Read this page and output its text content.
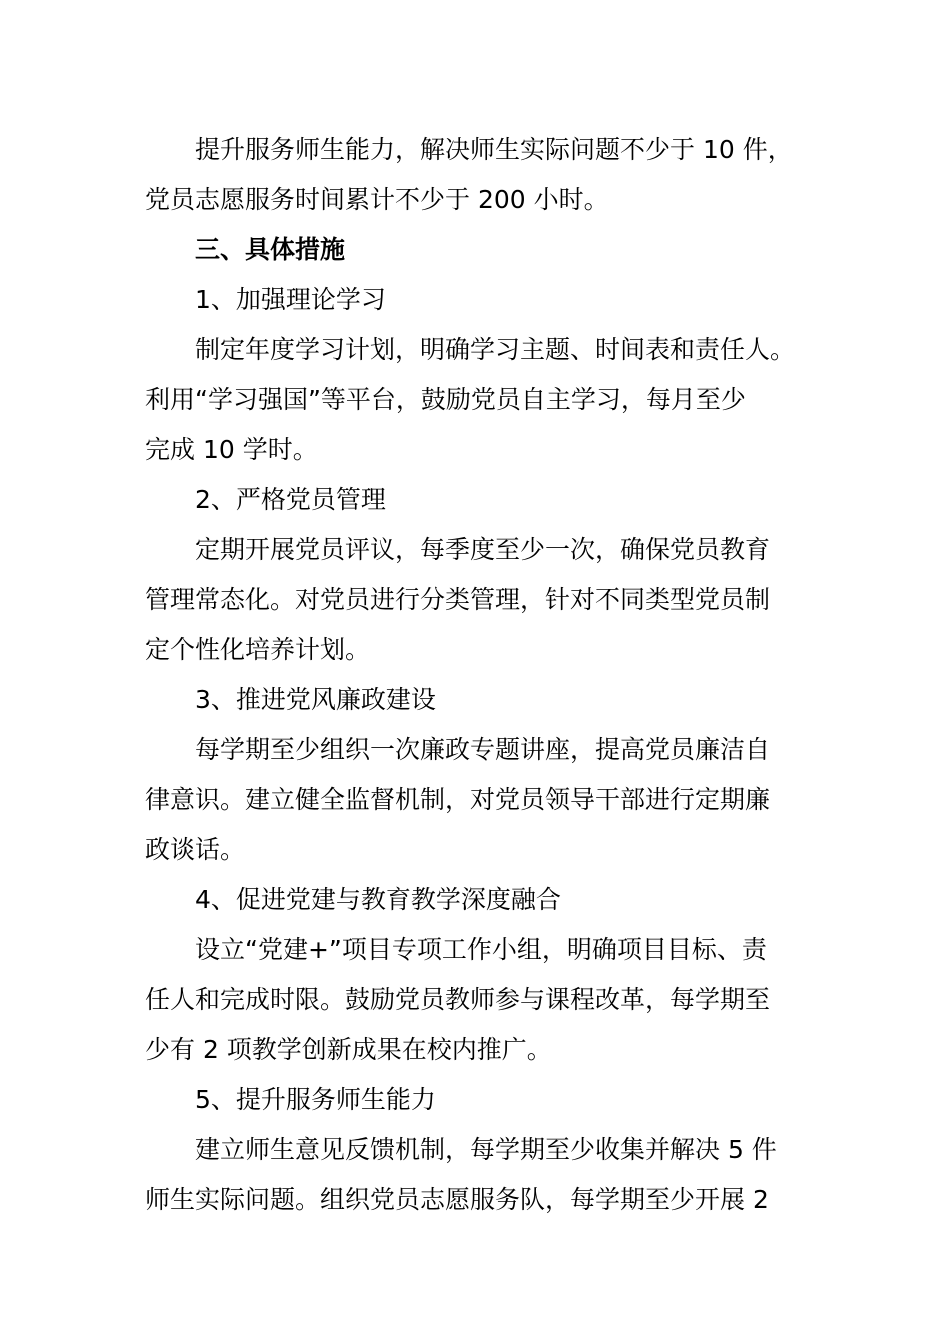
提升服务师生能力，解决师生实际问题不少于 10 件，
党员志愿服务时间累计不少于 200 小时。
三、具体措施
1、加强理论学习
制定年度学习计划，明确学习主题、时间表和责任人。
利用“学习强国”等平台，鼓励党员自主学习，每月至少
完成 10 学时。
2、严格党员管理
定期开展党员评议，每季度至少一次，确保党员教育
管理常态化。对党员进行分类管理，针对不同类型党员制
定个性化培养计划。
3、推进党风廉政建设
每学期至少组织一次廉政专题讲座，提高党员廉洁自
律意识。建立健全监督机制，对党员领导干部进行定期廉
政谈话。
4、促进党建与教育教学深度融合
设立“党建+”项目专项工作小组，明确项目目标、责
任人和完成时限。鼓励党员教师参与课程改革，每学期至
少有 2 项教学创新成果在校内推广。
5、提升服务师生能力
建立师生意见反馈机制，每学期至少收集并解决 5 件
师生实际问题。组织党员志愿服务队，每学期至少开展 2
